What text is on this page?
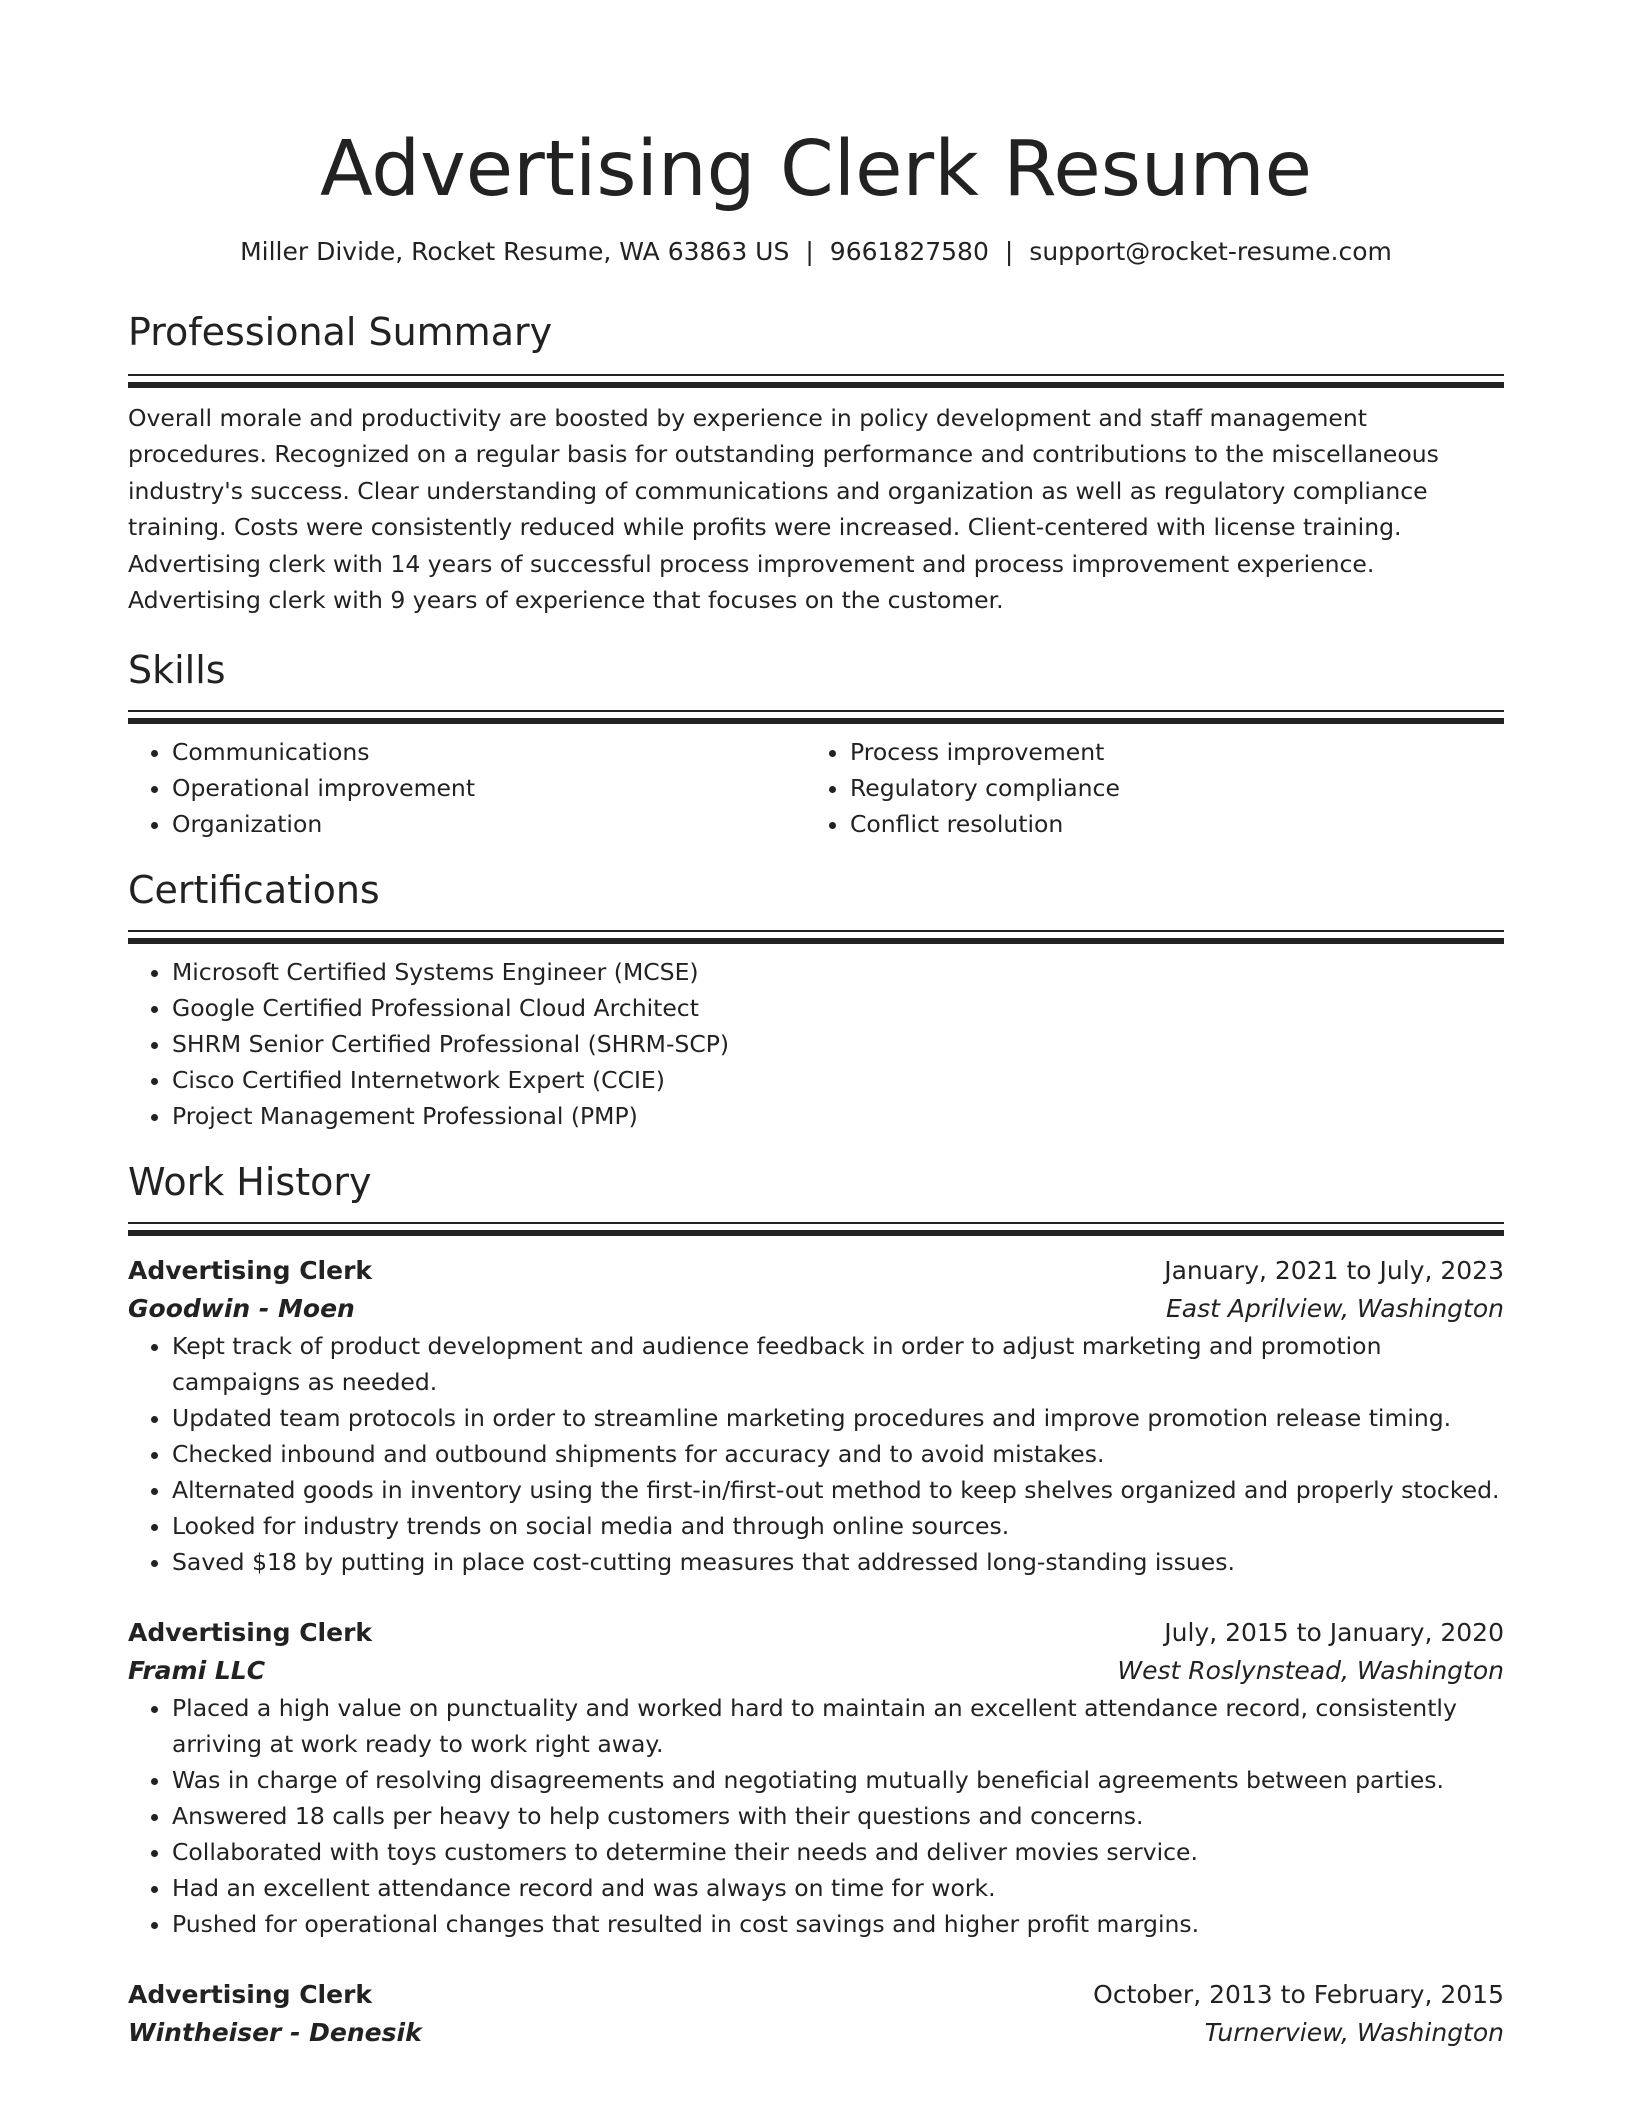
Advertising Clerk Resume
Miller Divide, Rocket Resume, WA 63863 US | 9661827580 | support@rocket-resume.com
Professional Summary
Overall morale and productivity are boosted by experience in policy development and staff management procedures. Recognized on a regular basis for outstanding performance and contributions to the miscellaneous industry's success. Clear understanding of communications and organization as well as regulatory compliance training. Costs were consistently reduced while profits were increased. Client-centered with license training. Advertising clerk with 14 years of successful process improvement and process improvement experience. Advertising clerk with 9 years of experience that focuses on the customer.
Skills
• Communications
• Operational improvement
• Organization
• Process improvement
• Regulatory compliance
• Conflict resolution
Certifications
• Microsoft Certified Systems Engineer (MCSE)
• Google Certified Professional Cloud Architect
• SHRM Senior Certified Professional (SHRM-SCP)
• Cisco Certified Internetwork Expert (CCIE)
• Project Management Professional (PMP)
Work History
Advertising Clerk	January, 2021 to July, 2023
Goodwin - Moen	East Aprilview, Washington
• Kept track of product development and audience feedback in order to adjust marketing and promotion campaigns as needed.
• Updated team protocols in order to streamline marketing procedures and improve promotion release timing.
• Checked inbound and outbound shipments for accuracy and to avoid mistakes.
• Alternated goods in inventory using the first-in/first-out method to keep shelves organized and properly stocked.
• Looked for industry trends on social media and through online sources.
• Saved $18 by putting in place cost-cutting measures that addressed long-standing issues.
Advertising Clerk	July, 2015 to January, 2020
Frami LLC	West Roslynstead, Washington
• Placed a high value on punctuality and worked hard to maintain an excellent attendance record, consistently arriving at work ready to work right away.
• Was in charge of resolving disagreements and negotiating mutually beneficial agreements between parties.
• Answered 18 calls per heavy to help customers with their questions and concerns.
• Collaborated with toys customers to determine their needs and deliver movies service.
• Had an excellent attendance record and was always on time for work.
• Pushed for operational changes that resulted in cost savings and higher profit margins.
Advertising Clerk	October, 2013 to February, 2015
Wintheiser - Denesik	Turnerview, Washington
